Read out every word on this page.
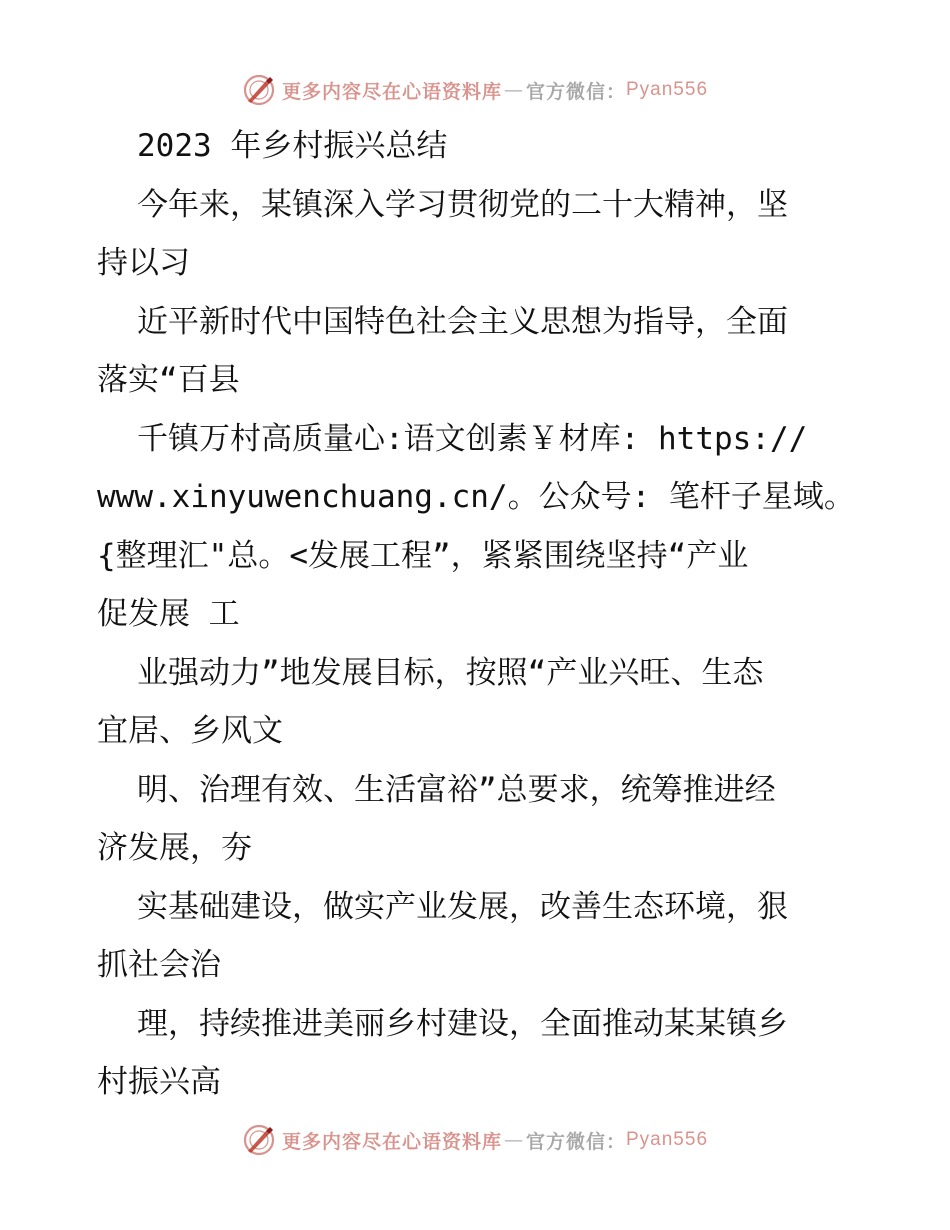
更多内容尽在心语资料库 — 官方微信： Pyan556
2023 年乡村振兴总结
今年来，某镇深入学习贯彻党的二十大精神，坚
持以习
近平新时代中国特色社会主义思想为指导，全面
落实“百县
千镇万村高质量心:语文创素￥材库: https://
www.xinyuwenchuang.cn/。公众号: 笔杆子星域。
{整理汇"总。<发展工程”，紧紧围绕坚持“产业
促发展 工
业强动力”地发展目标，按照“产业兴旺、生态
宜居、乡风文
明、治理有效、生活富裕”总要求，统筹推进经
济发展，夯
实基础建设，做实产业发展，改善生态环境，狠
抓社会治
理，持续推进美丽乡村建设，全面推动某某镇乡
村振兴高
更多内容尽在心语资料库 — 官方微信： Pyan556
